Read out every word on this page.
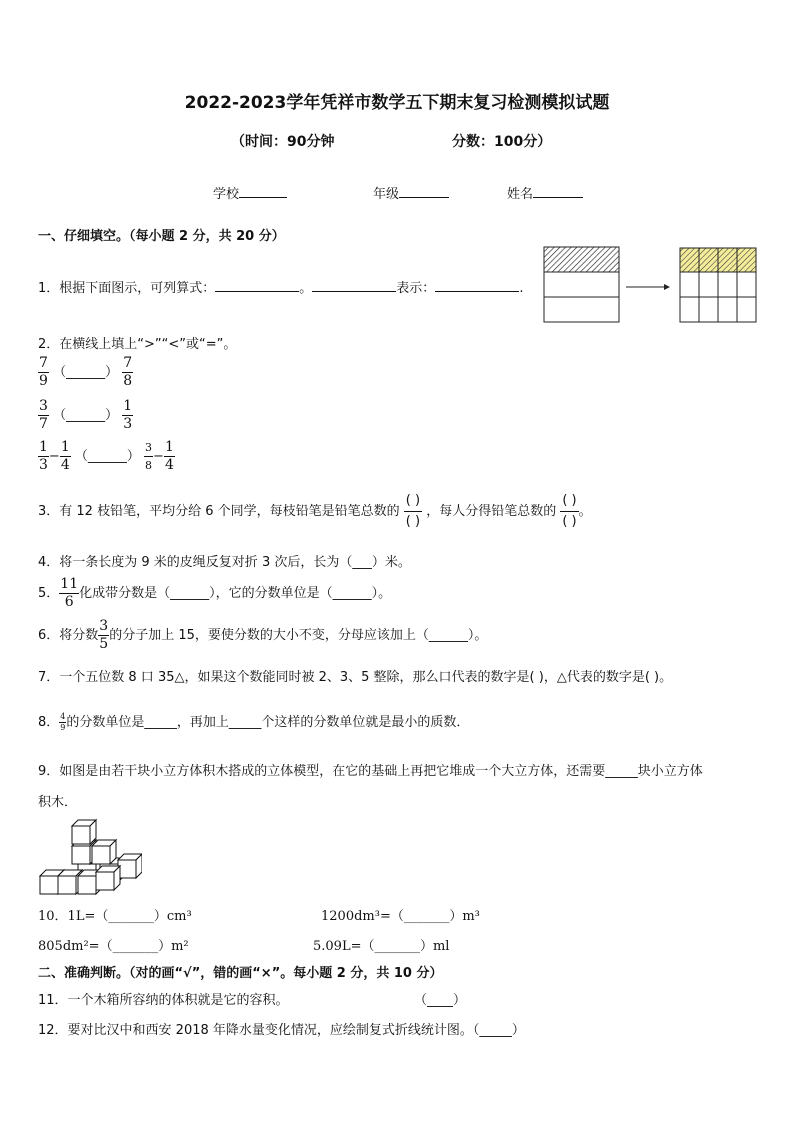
2022-2023学年凭祥市数学五下期末复习检测模拟试题
（时间：90分钟	分数：100分）
学校	年级	姓名
一、仔细填空。（每小题 2 分，共 20 分）
1．根据下面图示，可列算式：	。	表示：	.
2．在横线上填上“>”“<”或“=”。
$\frac{7}{9}$ （______） $\frac{7}{8}$
$\frac{3}{7}$ （______） $\frac{1}{3}$
$\frac{1}{3} - \frac{1}{4}$ （______） $\frac{3}{8} - \frac{1}{4}$
3．有 12 枝铅笔，平均分给 6 个同学，每枝铅笔是铅笔总数的
( )
( )
，每人分得铅笔总数的
( )
( )
。
4．将一条长度为 9 米的皮绳反复对折 3 次后，长为（___）米。
5． $\frac{11}{6}$ 化成带分数是（______），它的分数单位是（______）。
6．将分数 $\frac{3}{5}$ 的分子加上 15，要使分数的大小不变，分母应该加上（______）。
7．一个五位数 8 口 35△，如果这个数能同时被 2、3、5 整除，那么口代表的数字是( )，△代表的数字是( )。
8． $\frac{4}{9}$ 的分数单位是_____，再加上_____个这样的分数单位就是最小的质数．
9．如图是由若干块小立方体积木搭成的立体模型，在它的基础上再把它堆成一个大立方体，还需要_____块小立方体
积木．
10．1L=（_______）cm³	1200dm³=（_______）m³
805dm²=（_______）m²	5.09L=（_______）ml
二、准确判断。（对的画“√”，错的画“×”。每小题 2 分，共 10 分）
11．一个木箱所容纳的体积就是它的容积。	（____）
12．要对比汉中和西安 2018 年降水量变化情况，应绘制复式折线统计图。（_____）
